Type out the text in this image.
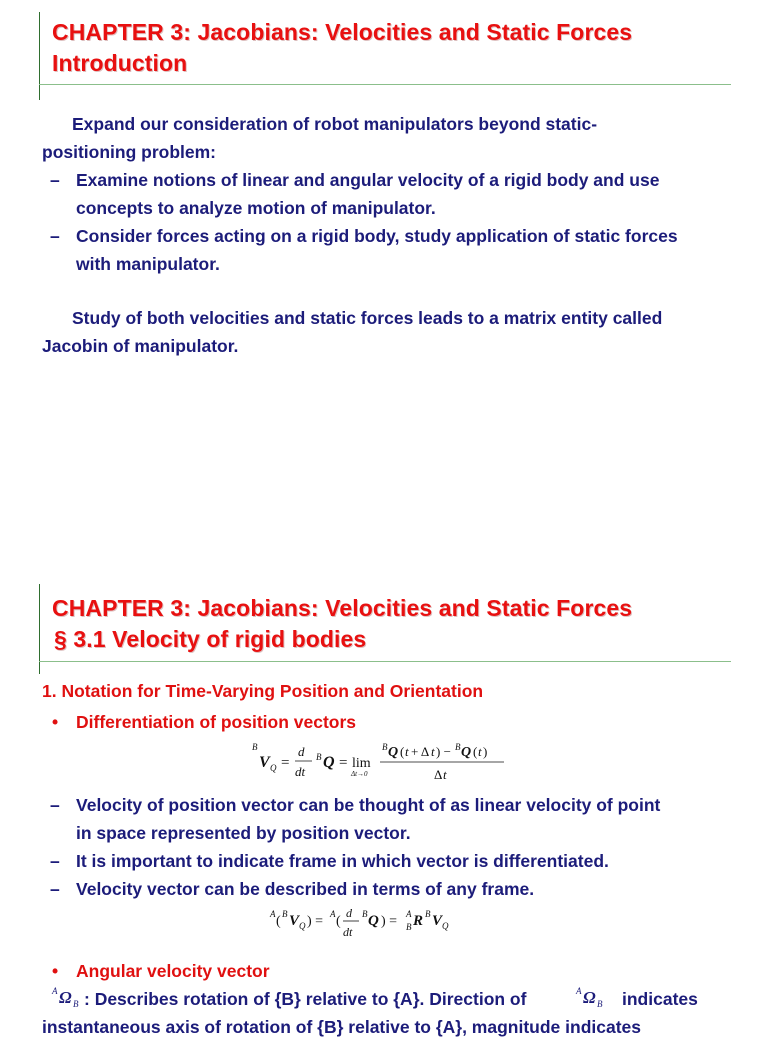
CHAPTER 3: Jacobians: Velocities and Static Forces
Introduction
Expand our consideration of robot manipulators beyond static-
positioning problem:
– Examine notions of linear and angular velocity of a rigid body and use
concepts to analyze motion of manipulator.
– Consider forces acting on a rigid body, study application of static forces
with manipulator.
Study of both velocities and static forces leads to a matrix entity called
Jacobin of manipulator.
CHAPTER 3: Jacobians: Velocities and Static Forces
§ 3.1 Velocity of rigid bodies
1. Notation for Time-Varying Position and Orientation
• Differentiation of position vectors
B
V Q =
d
dt
B Q = lim
Δt→0
B Q ( t + Δ t ) − B Q ( t )
Δ t
– Velocity of position vector can be thought of as linear velocity of point
in space represented by position vector.
– It is important to indicate frame in which vector is differentiated.
– Velocity vector can be described in terms of any frame.
A ( B V Q ) = A (
d
dt
B Q ) = A
B R B V Q
• Angular velocity vector
A Ω B : Describes rotation of {B} relative to {A}. Direction of	A Ω B indicates
instantaneous axis of rotation of {B} relative to {A}, magnitude indicates
